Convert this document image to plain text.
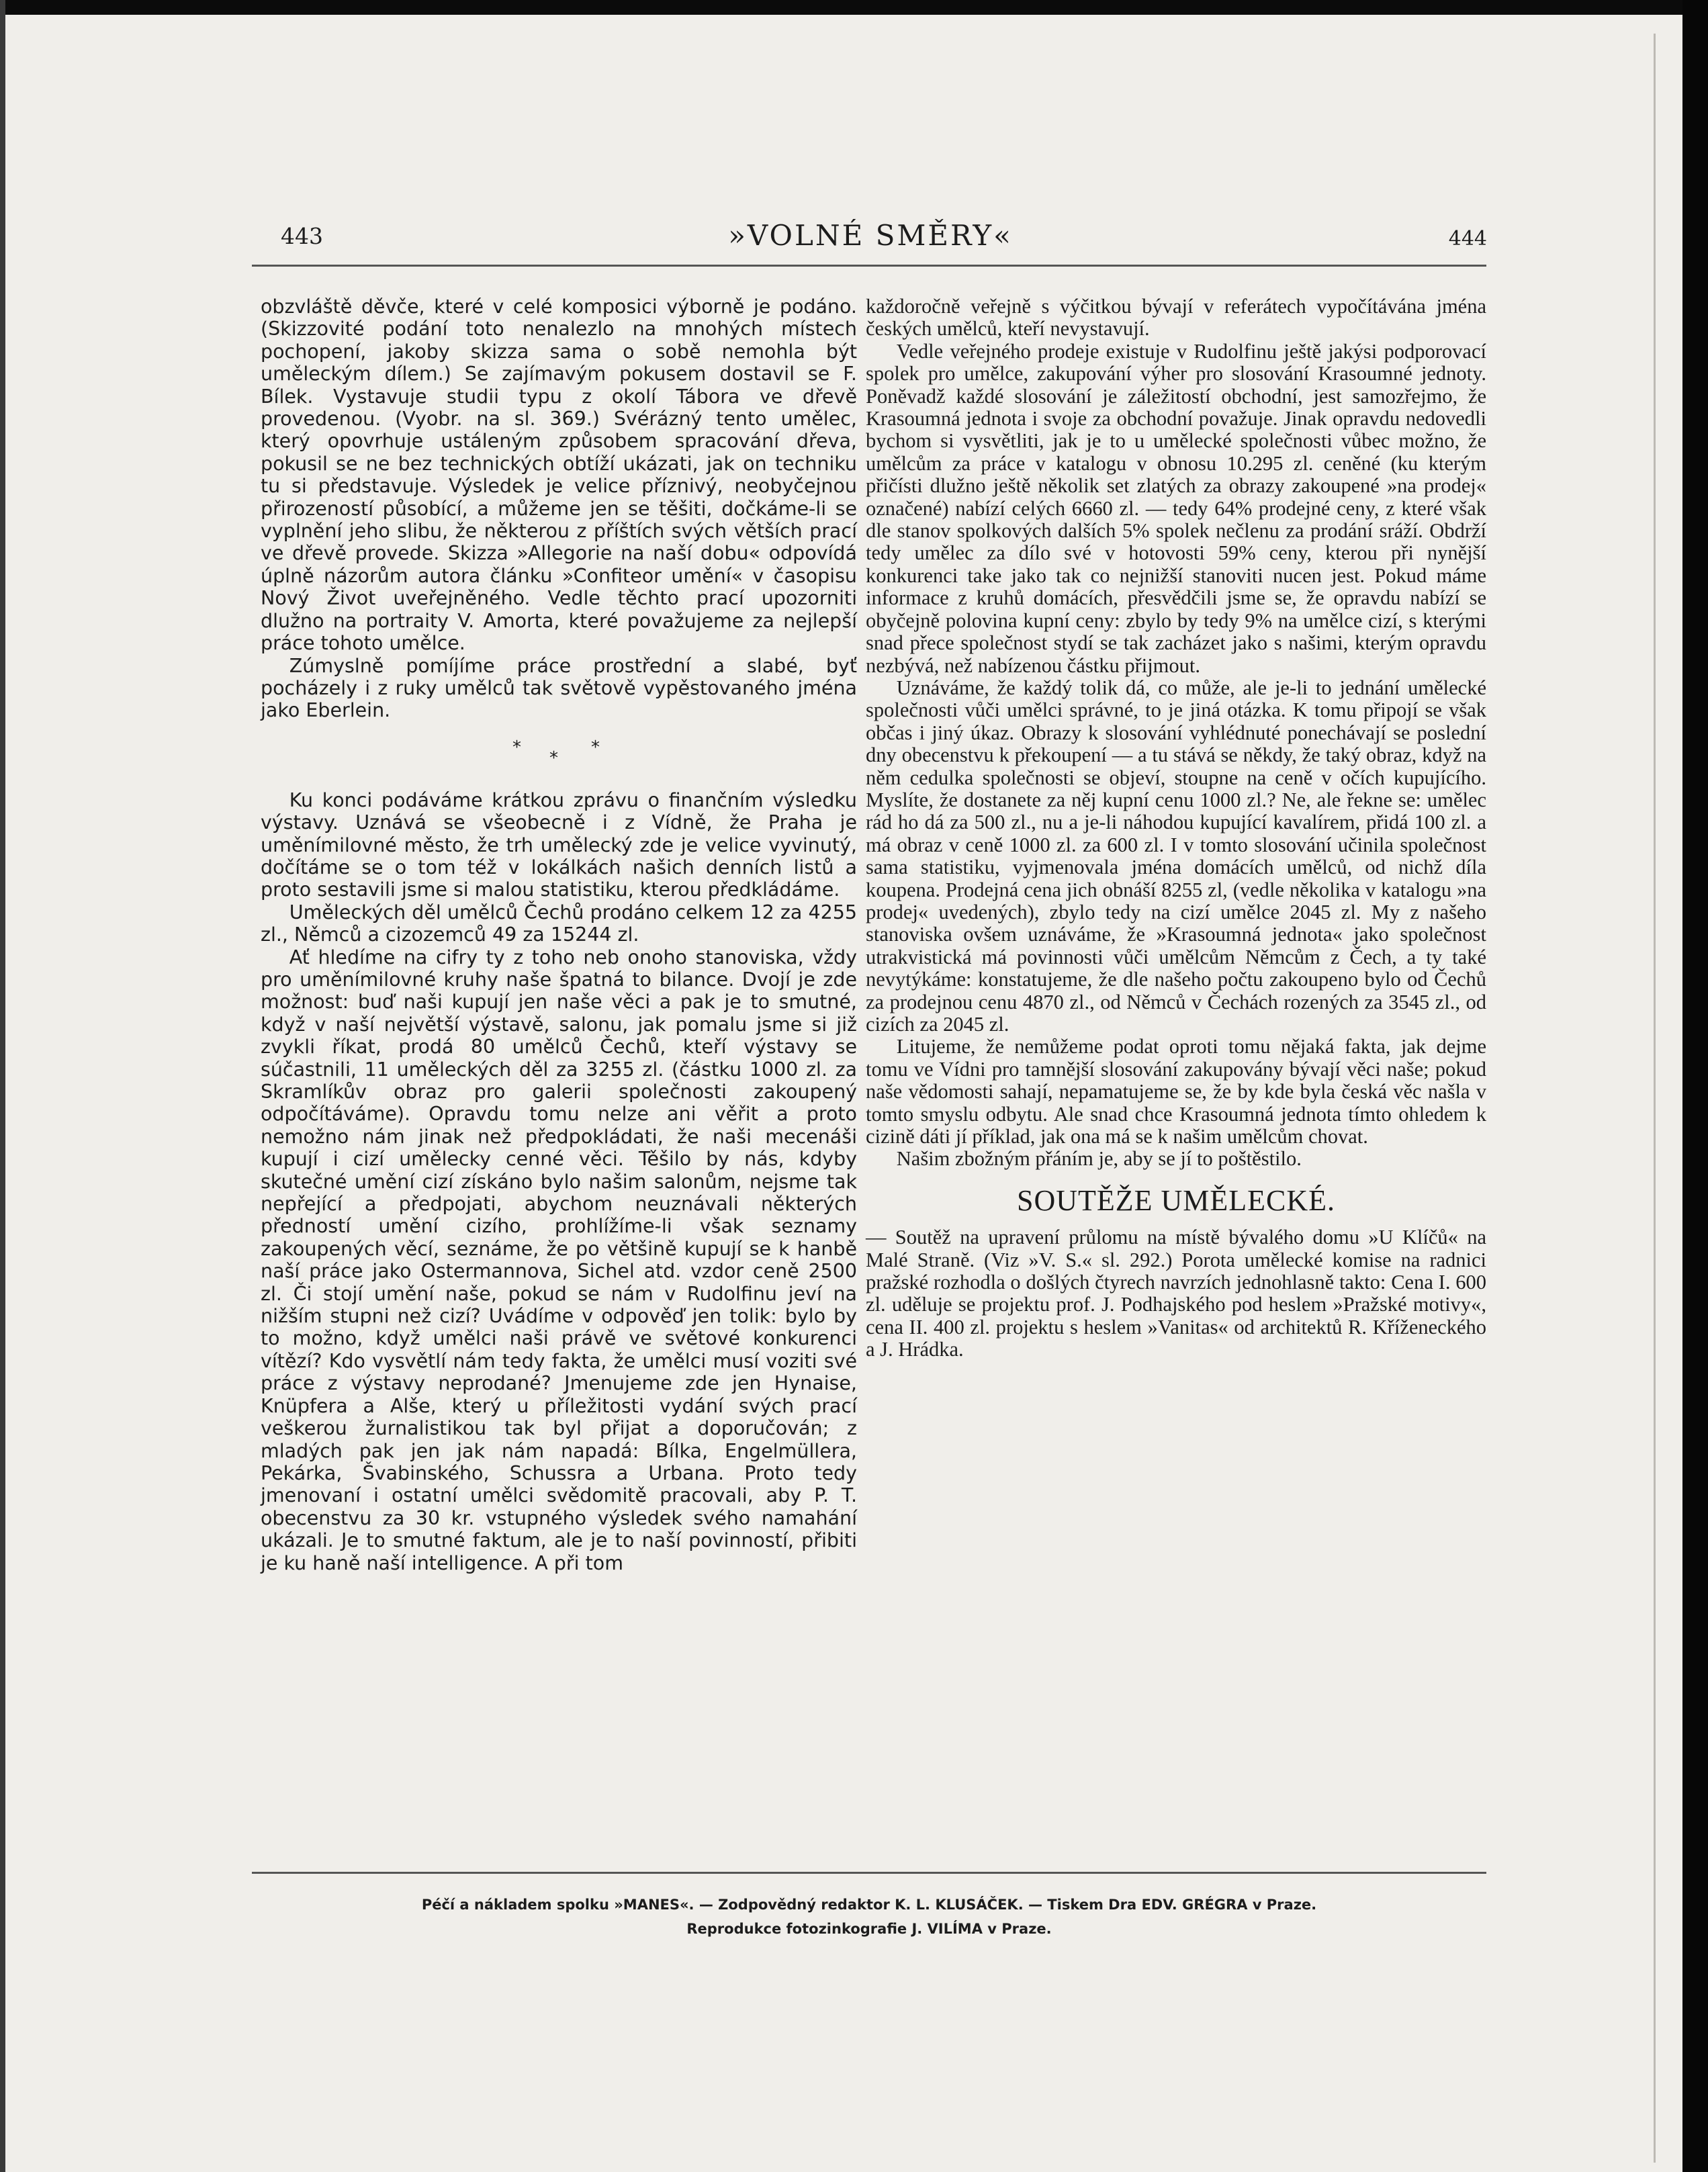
443	»VOLNÉ SMĚRY«	444

obzvláště děvče, které v celé komposici výborně je podáno. (Skizzovité podání toto nenalezlo na mnohých místech pochopení, jakoby skizza sama o sobě nemohla být uměleckým dílem.) Se zajímavým pokusem dostavil se F. Bílek. Vystavuje studii typu z okolí Tábora ve dřevě provedenou. (Vyobr. na sl. 369.) Svérázný tento umělec, který opovrhuje ustáleným způsobem spracování dřeva, pokusil se ne bez technických obtíží ukázati, jak on techniku tu si představuje. Výsledek je velice příznivý, neobyčejnou přirozeností působící, a můžeme jen se těšiti, dočkáme-li se vyplnění jeho slibu, že některou z příštích svých větších prací ve dřevě provede. Skizza »Allegorie na naší dobu« odpovídá úplně názorům autora článku »Confiteor umění« v časopisu Nový Život uveřejněného. Vedle těchto prací upozorniti dlužno na portraity V. Amorta, které považujeme za nejlepší práce tohoto umělce.

Zúmyslně pomíjíme práce prostřední a slabé, byť pocházely i z ruky umělců tak světově vypěstovaného jména jako Eberlein.

*
*
*

Ku konci podáváme krátkou zprávu o finančním výsledku výstavy. Uznává se všeobecně i z Vídně, že Praha je uměnímilovné město, že trh umělecký zde je velice vyvinutý, dočítáme se o tom též v lokálkách našich denních listů a proto sestavili jsme si malou statistiku, kterou předkládáme.

Uměleckých děl umělců Čechů prodáno celkem 12 za 4255 zl., Němců a cizozemců 49 za 15244 zl.

Ať hledíme na cifry ty z toho neb onoho stanoviska, vždy pro uměnímilovné kruhy naše špatná to bilance. Dvojí je zde možnost: buď naši kupují jen naše věci a pak je to smutné, když v naší největší výstavě, salonu, jak pomalu jsme si již zvykli říkat, prodá 80 umělců Čechů, kteří výstavy se súčastnili, 11 uměleckých děl za 3255 zl. (částku 1000 zl. za Skramlíkův obraz pro galerii společnosti zakoupený odpočítáváme). Opravdu tomu nelze ani věřit a proto nemožno nám jinak než předpokládati, že naši mecenáši kupují i cizí umělecky cenné věci. Těšilo by nás, kdyby skutečné umění cizí získáno bylo našim salonům, nejsme tak nepřející a předpojati, abychom neuznávali některých předností umění cizího, prohlížíme-li však seznamy zakoupených věcí, seznáme, že po většině kupují se k hanbě naší práce jako Ostermannova, Sichel atd. vzdor ceně 2500 zl. Či stojí umění naše, pokud se nám v Rudolfinu jeví na nižším stupni než cizí? Uvádíme v odpověď jen tolik: bylo by to možno, když umělci naši právě ve světové konkurenci vítězí? Kdo vysvětlí nám tedy fakta, že umělci musí voziti své práce z výstavy neprodané? Jmenujeme zde jen Hynaise, Knüpfera a Alše, který u příležitosti vydání svých prací veškerou žurnalistikou tak byl přijat a doporučován; z mladých pak jen jak nám napadá: Bílka, Engelmüllera, Pekárka, Švabinského, Schussra a Urbana. Proto tedy jmenovaní i ostatní umělci svědomitě pracovali, aby P. T. obecenstvu za 30 kr. vstupného výsledek svého namahání ukázali. Je to smutné faktum, ale je to naší povinností, přibiti je ku haně naší intelligence. A při tom

každoročně veřejně s výčitkou bývají v referátech vypočítávána jména českých umělců, kteří nevystavují.

Vedle veřejného prodeje existuje v Rudolfinu ještě jakýsi podporovací spolek pro umělce, zakupování výher pro slosování Krasoumné jednoty. Poněvadž každé slosování je záležitostí obchodní, jest samozřejmo, že Krasoumná jednota i svoje za obchodní považuje. Jinak opravdu nedovedli bychom si vysvětliti, jak je to u umělecké společnosti vůbec možno, že umělcům za práce v katalogu v obnosu 10.295 zl. ceněné (ku kterým přičísti dlužno ještě několik set zlatých za obrazy zakoupené »na prodej« označené) nabízí celých 6660 zl. — tedy 64% prodejné ceny, z které však dle stanov spolkových dalších 5% spolek nečlenu za prodání sráží. Obdrží tedy umělec za dílo své v hotovosti 59% ceny, kterou při nynější konkurenci take jako tak co nejnižší stanoviti nucen jest. Pokud máme informace z kruhů domácích, přesvědčili jsme se, že opravdu nabízí se obyčejně polovina kupní ceny: zbylo by tedy 9% na umělce cizí, s kterými snad přece společnost stydí se tak zacházet jako s našimi, kterým opravdu nezbývá, než nabízenou částku přijmout.

Uznáváme, že každý tolik dá, co může, ale je-li to jednání umělecké společnosti vůči umělci správné, to je jiná otázka. K tomu připojí se však občas i jiný úkaz. Obrazy k slosování vyhlédnuté ponechávají se poslední dny obecenstvu k překoupení — a tu stává se někdy, že taký obraz, když na něm cedulka společnosti se objeví, stoupne na ceně v očích kupujícího. Myslíte, že dostanete za něj kupní cenu 1000 zl.? Ne, ale řekne se: umělec rád ho dá za 500 zl., nu a je-li náhodou kupující kavalírem, přidá 100 zl. a má obraz v ceně 1000 zl. za 600 zl. I v tomto slosování učinila společnost sama statistiku, vyjmenovala jména domácích umělců, od nichž díla koupena. Prodejná cena jich obnáší 8255 zl, (vedle několika v katalogu »na prodej« uvedených), zbylo tedy na cizí umělce 2045 zl. My z našeho stanoviska ovšem uznáváme, že »Krasoumná jednota« jako společnost utrakvistická má povinnosti vůči umělcům Němcům z Čech, a ty také nevytýkáme: konstatujeme, že dle našeho počtu zakoupeno bylo od Čechů za prodejnou cenu 4870 zl., od Němců v Čechách rozených za 3545 zl., od cizích za 2045 zl.

Litujeme, že nemůžeme podat oproti tomu nějaká fakta, jak dejme tomu ve Vídni pro tamnější slosování zakupovány bývají věci naše; pokud naše vědomosti sahají, nepamatujeme se, že by kde byla česká věc našla v tomto smyslu odbytu. Ale snad chce Krasoumná jednota tímto ohledem k cizině dáti jí příklad, jak ona má se k našim umělcům chovat.

Našim zbožným přáním je, aby se jí to poštěstilo.

SOUTĚŽE UMĚLECKÉ.

— Soutěž na upravení průlomu na místě bývalého domu »U Klíčů« na Malé Straně. (Viz »V. S.« sl. 292.) Porota umělecké komise na radnici pražské rozhodla o došlých čtyrech navrzích jednohlasně takto: Cena I. 600 zl. uděluje se projektu prof. J. Podhajského pod heslem »Pražské motivy«, cena II. 400 zl. projektu s heslem »Vanitas« od architektů R. Kříženeckého a J. Hrádka.

Péčí a nákladem spolku »MANES«. — Zodpovědný redaktor K. L. KLUSÁČEK. — Tiskem Dra EDV. GRÉGRA v Praze.
Reprodukce fotozinkografie J. VILÍMA v Praze.
